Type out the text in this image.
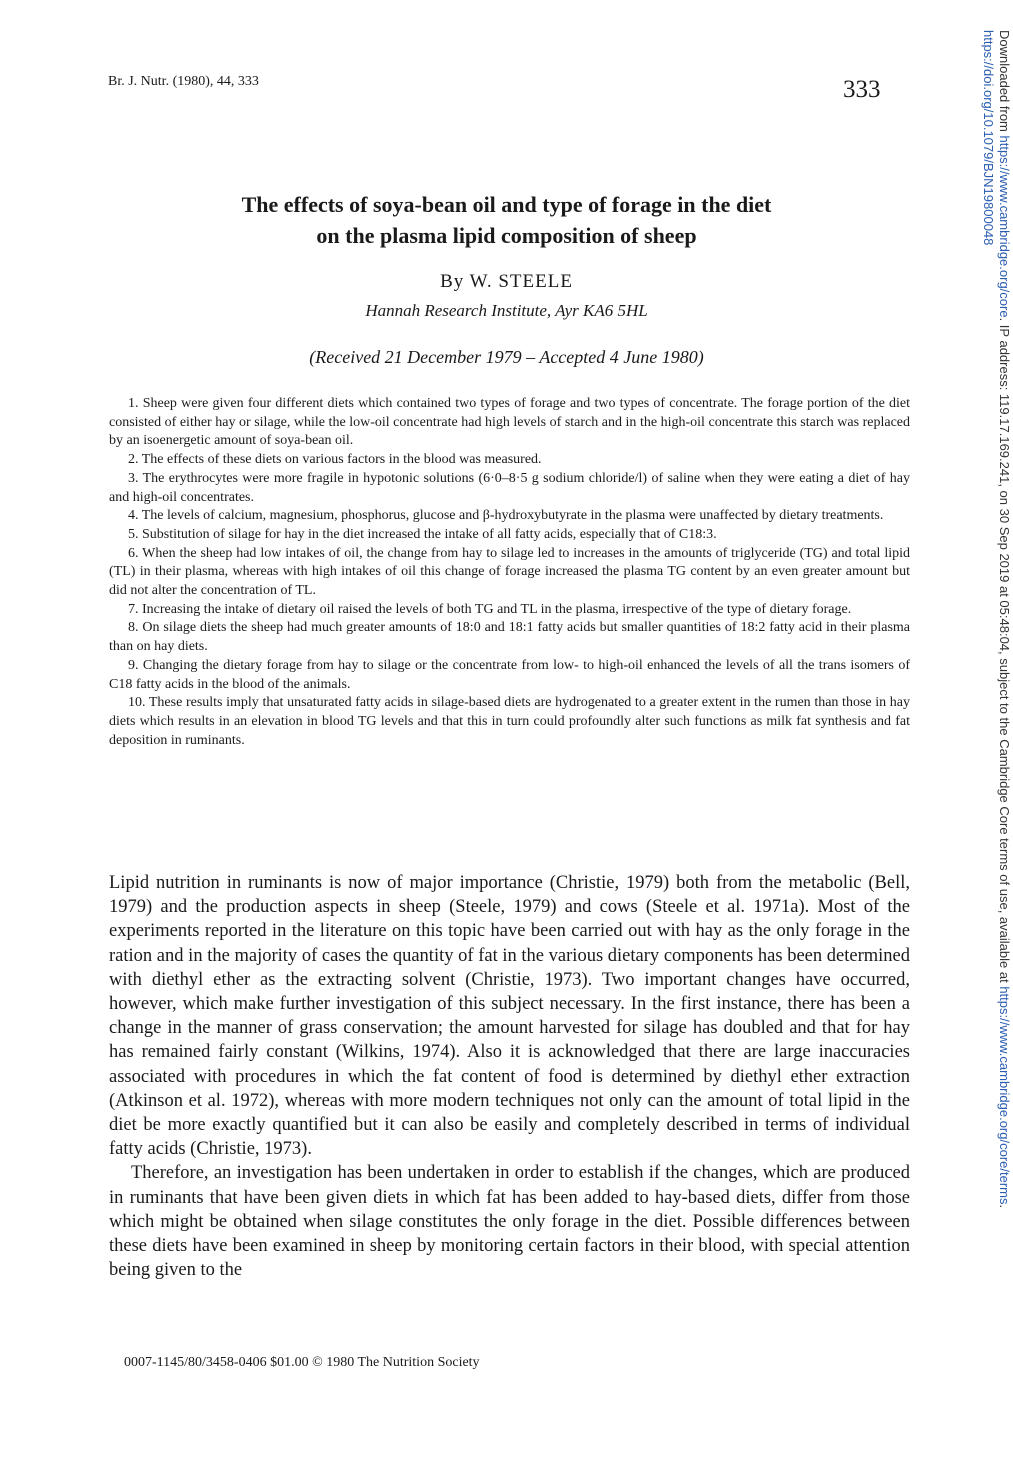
Br. J. Nutr. (1980), 44, 333	333	Downloaded from https://www.cambridge.org/core. IP address: 119.17.169.241, on 30 Sep 2019 at 05:48:04, subject to the Cambridge Core terms of use, available at https://www.cambridge.org/core/terms.
https://doi.org/10.1079/BJN19800048
The effects of soya-bean oil and type of forage in the diet
on the plasma lipid composition of sheep
By W. STEELE
Hannah Research Institute, Ayr KA6 5HL
(Received 21 December 1979 – Accepted 4 June 1980)

1. Sheep were given four different diets which contained two types of forage and two types of concentrate. The forage portion of the diet consisted of either hay or silage, while the low-oil concentrate had high levels of starch and in the high-oil concentrate this starch was replaced by an isoenergetic amount of soya-bean oil.

2. The effects of these diets on various factors in the blood was measured.

3. The erythrocytes were more fragile in hypotonic solutions (6·0–8·5 g sodium chloride/l) of saline when they were eating a diet of hay and high-oil concentrates.

4. The levels of calcium, magnesium, phosphorus, glucose and β-hydroxybutyrate in the plasma were unaffected by dietary treatments.

5. Substitution of silage for hay in the diet increased the intake of all fatty acids, especially that of C18:3.

6. When the sheep had low intakes of oil, the change from hay to silage led to increases in the amounts of triglyceride (TG) and total lipid (TL) in their plasma, whereas with high intakes of oil this change of forage increased the plasma TG content by an even greater amount but did not alter the concentration of TL.

7. Increasing the intake of dietary oil raised the levels of both TG and TL in the plasma, irrespective of the type of dietary forage.

8. On silage diets the sheep had much greater amounts of 18:0 and 18:1 fatty acids but smaller quantities of 18:2 fatty acid in their plasma than on hay diets.

9. Changing the dietary forage from hay to silage or the concentrate from low- to high-oil enhanced the levels of all the trans isomers of C18 fatty acids in the blood of the animals.

10. These results imply that unsaturated fatty acids in silage-based diets are hydrogenated to a greater extent in the rumen than those in hay diets which results in an elevation in blood TG levels and that this in turn could profoundly alter such functions as milk fat synthesis and fat deposition in ruminants.

Lipid nutrition in ruminants is now of major importance (Christie, 1979) both from the metabolic (Bell, 1979) and the production aspects in sheep (Steele, 1979) and cows (Steele et al. 1971a). Most of the experiments reported in the literature on this topic have been carried out with hay as the only forage in the ration and in the majority of cases the quantity of fat in the various dietary components has been determined with diethyl ether as the extracting solvent (Christie, 1973). Two important changes have occurred, however, which make further investigation of this subject necessary. In the first instance, there has been a change in the manner of grass conservation; the amount harvested for silage has doubled and that for hay has remained fairly constant (Wilkins, 1974). Also it is acknowledged that there are large inaccuracies associated with procedures in which the fat content of food is determined by diethyl ether extraction (Atkinson et al. 1972), whereas with more modern techniques not only can the amount of total lipid in the diet be more exactly quantified but it can also be easily and completely described in terms of individual fatty acids (Christie, 1973).

Therefore, an investigation has been undertaken in order to establish if the changes, which are produced in ruminants that have been given diets in which fat has been added to hay-based diets, differ from those which might be obtained when silage constitutes the only forage in the diet. Possible differences between these diets have been examined in sheep by monitoring certain factors in their blood, with special attention being given to the

0007-1145/80/3458-0406 $01.00 © 1980 The Nutrition Society
